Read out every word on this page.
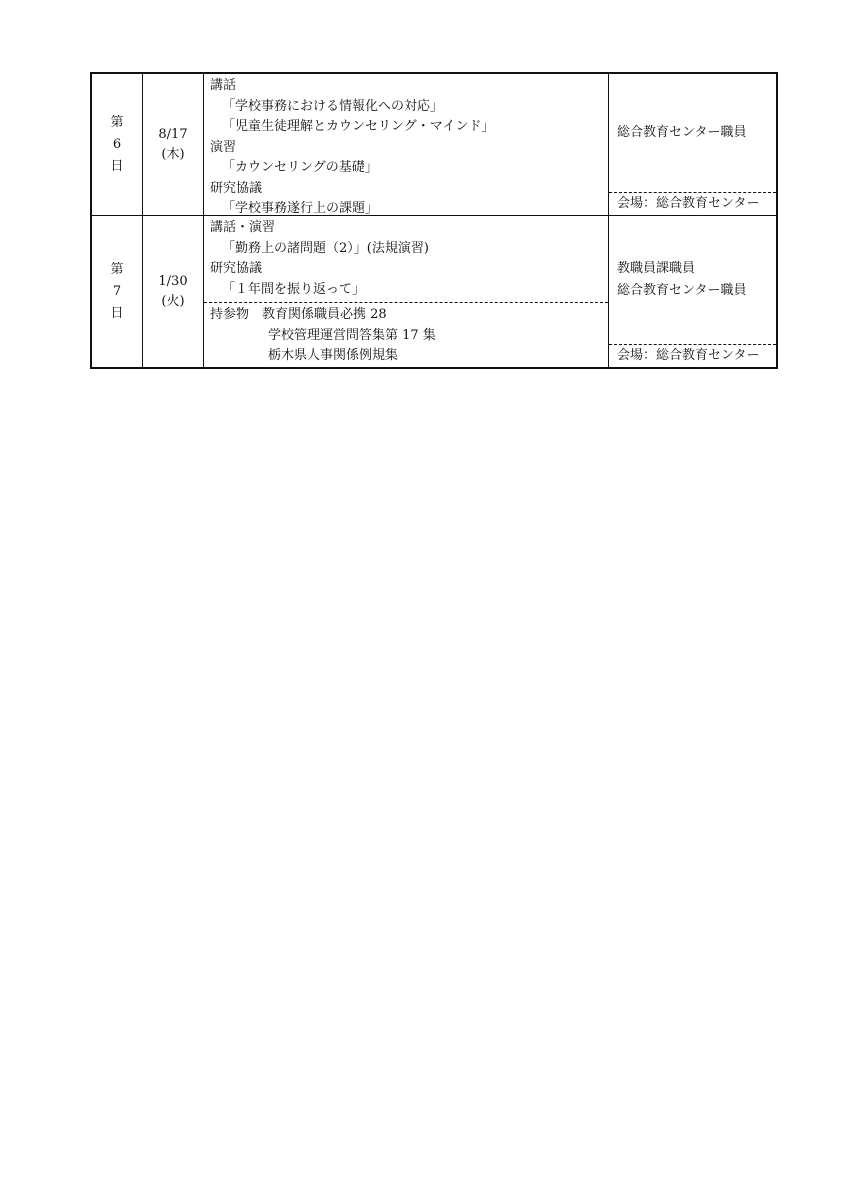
第
6
日
8/17
(木)
講話
「学校事務における情報化への対応」
「児童生徒理解とカウンセリング・マインド」
演習
「カウンセリングの基礎」
研究協議
「学校事務遂行上の課題」
総合教育センター職員
会場：総合教育センター
第
7
日
1/30
(火)
講話・演習
「勤務上の諸問題（2）」(法規演習)
研究協議
「１年間を振り返って」
持参物 教育関係職員必携 28
学校管理運営問答集第 17 集
栃木県人事関係例規集
教職員課職員
総合教育センター職員
会場：総合教育センター
